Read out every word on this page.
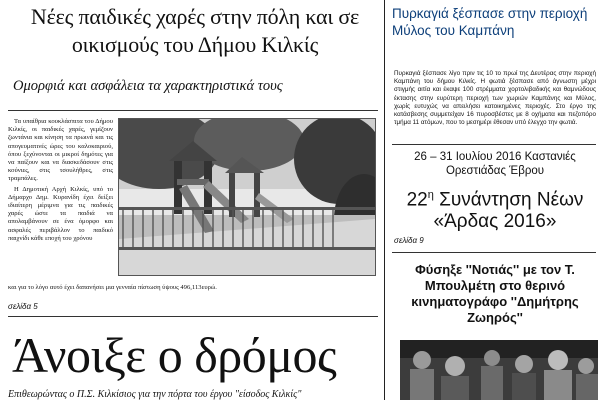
Νέες παιδικές χαρές στην πόλη και σε οικισμούς του Δήμου Κιλκίς
Ομορφιά και ασφάλεια τα χαρακτηριστικά τους

Τα υπαίθρια κουκλάσπιτα του Δήμου Κιλκίς, οι παιδικές χαρές, γεμίζουν ζωντάνια και κίνηση τα πρωινά και τις απογευματινές ώρες του καλοκαιριού, όπου ξεχύνονται οι μικροί δημότες για να παίξουν και να διασκεδάσουν στις κούνιες, στις τσουλήθρες, στις τραμπάλες.

Η Δημοτική Αρχή Κιλκίς, υπό το Δήμαρχο Δημ. Κυρανίδη έχει δείξει ιδιαίτερη μέριμνα για τις παιδικές χαρές ώστε τα παιδιά να απολαμβάνουν σε ένα όμορφο και ασφαλές περιβάλλον το παιδικό παιχνίδι κάθε εποχή του χρόνου

και για το λόγο αυτό έχει δαπανήσει μια γενναία πίστωση ύψους 496,113ευρώ.
σελίδα 5
Άνοιξε ο δρόμος
Επιθεωρώντας ο Π.Σ. Κιλκίσιος για την πόρτα του έργου "είσοδος Κιλκίς"
Πυρκαγιά ξέσπασε στην περιοχή Μύλος του Καμπάνη
Πυρκαγιά ξέσπασε λίγο πριν τις 10 το πρωί της Δευτέρας στην περιοχή Καμπάνη του δήμου Κιλκίς. Η φωτιά ξέσπασε από άγνωστη μέχρι στιγμής αιτία και έκαψε 100 στρέμματα χορτολιβαδικής και θαμνώδους έκτασης στην ευρύτερη περιοχή των χωριών Καμπάνης και Μύλος, χωρίς ευτυχώς να απειλήσει κατοικημένες περιοχές. Στο έργο της κατάσβεσης συμμετείχαν 16 πυροσβέστες με 8 οχήματα και πεζοπόρο τμήμα 11 ατόμων, που το μεσημέρι έθεσαν υπό έλεγχο την φωτιά.
26 – 31 Ιουλίου 2016 Καστανιές Ορεστιάδας Έβρου
$22^\eta$ Συνάντηση Νέων «Άρδας 2016»
σελίδα 9
Φύσηξε ''Νοτιάς'' με τον Τ. Μπουλμέτη στο θερινό κινηματογράφο ''Δημήτρης Ζωηρός''
